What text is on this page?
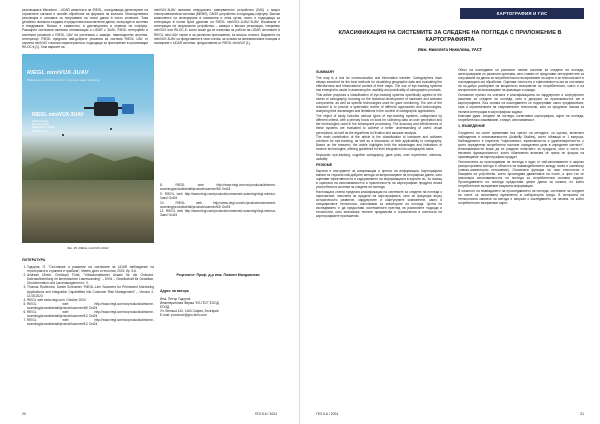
резолюцията Waveform - LiDAR комплекти на RIEGL, осигуряващи детектиране на отразените сигнали и онлайн обработка на формата на вълната. Многоцелевата резолюция е основата за получаване на точни данни в чисто зелената. Това детайлно понякога създава и предоставя изчислителни данни, за вграден в система и внедряване. Всичко е съвместно, а дистанционно в сервизи на софтуер. Разширен системата включва оптимизации и LiDAR с 3UAV, RIEGL интерфейс и системни решения с RIEGL UAV на системата с камери, навигационни системи, интегратор. RIEGL предлага най-добрите решения за системи RIEGL UAV от серията miniVUX с високи характеристики, подходящи за приложение в организации RILOC в [1]. Този вариант на

miniVUX-3UAV включва инерциално измервателно устройство (IMU) с микро електромеханична система (MEMS), GNSS устройство и подходящ софтуер. Всички компоненти са интегрирани в компактна и лека кутия, която е подходяща за интеграция в голям брой дронове на RIEGL miniVUX-1UAV/-3UAV. Възможна е интеграция на опционални устройства – камера с висока резолюция, например miniVUX или RiLOC-E, която може да се използва за работа на LiDAR системите в RIEGL mini-UAV серия и за различни приложения, за висока точност. Варианти на miniVUX-3UAV са представени в тази статия, за основа на кинематичната позиция и сканиране с LiDAR системи, предоставени от RIEGL miniVUX [1].

RIEGL miniVUX-3UAV
Miniaturized LiDAR Sensor for Unmanned Laser Scanning
RIEGL miniVUX-3UAV
LiDAR Sensor
with integrated
MEMS IMU / GNSS
with RiLOC-E
Фиг. 25. RIEGL miniVUX-3UAV
ЛИТЕРАТУРА
1. Тодоров, П. "Състояние и развитие на системите за LiDAR наблюдение на територията в страната и чужбина", Минно дело и геология, 2023, бр. 5-6.
2. Andreas Ullrich, Christoph Fürst, "Vollautomatischer Ansatz für die Onboard-Datenaufbereitung im terrestrischen Laserscanning" – DVW – Gesellschaft für Geodäsie, Geoinformation und Landmanagement e. V.
3. Thomas Rodehorst, Daniel Schroeder "RIEGL-Line Scanners for Permanent Monitoring Applications and Integration Capabilities into Customer Risk Management" – Version 2, 11.08.2023
4. RIEGL web www.riegl.com. October 2024
5. RIEGL web http://www.riegl.com/nc/products/airborne-scanning/produktdetail/product/scanner/48/ Oct24
6. RIEGL web http://www.riegl.com/nc/products/airborne-scanning/produktdetail/product/scanner/61/ Oct24
7. RIEGL web http://www.riegl.com/nc/products/airborne-scanning/produktdetail/product/scanner/61/ Oct24

8. RIEGL web http://www.riegl.com/nc/products/airborne-scanning/produktdetail/product/scanner/38/ Oct24

9. RIEGL web http://www.riegl.com/products/unmanned-scanning/riegl-minivux-3uav/ Oct24

10. RIEGL web http://www.riegl.com/nc/products/unmanned-scanning/produktdetail/product/scanner/63/ Oct24

11. RIEGL web http://www.riegl.com/products/unmanned-scanning/riegl-minivux-3uav/ Oct24

Рецензент: Проф. д-р инж. Пламен Малджански
Адрес на автора
Инж. Петър Тодоров
Инженерингова Фирма "ЕЛ-ГЕО" ЕООД
ЕООД
Ул. Витоша 142, 1164 София, България
E-mail: p.todorov@geo-tech.com
20	ГЕЗ 5-6 / 2024
КАРТОГРАФИЯ И ГИС
КЛАСИФИКАЦИЯ НА СИСТЕМИТЕ ЗА СЛЕДЕНЕ НА ПОГЛЕДА С ПРИЛОЖЕНИЕ В КАРТОГРАФИЯТА
Инж. Николета Николова, УАСГ
SUMMARY

The map is a tool for communication and information transfer. Cartographers have always searched for the best methods for visualizing geographic data and evaluating the effectiveness and informational content of their maps. The use of eye-tracking systems has emerged to assist in assessing the usability and practicality of cartographic products.

This article proposes a classification of eye-tracking systems specifically applied to the needs of cartography, focusing on the historical development of hardware and software components, as well as specific technologies used for gaze monitoring. The aim of the research is to provide a systematic review of different approaches and technologies, analyzing their advantages and limitations in the context of cartographic applications.

The object of study includes various types of eye-tracking systems, categorized by different criteria, with a primary focus on tools for collecting data on user perception and the technologies used in the subsequent processing. The accuracy and effectiveness of these systems are evaluated to achieve a better understanding of users' visual perceptions, as well as the algorithms for fixation and saccade analysis.

The main contribution of the article is the classification of hardware and software solutions for eye-tracking, as well as a discussion of their applicability to cartography. Based on the research, the article highlights both the advantages and limitations of modern technologies, offering guidelines for their integration into cartographic tasks.

Keywords: eye-tracking, cognitive cartography, gaze plots, user experience, stimulus, usability

РЕЗЮМЕ

Картата е инструмент за комуникация и пренос на информация. Картографите винаги са търсили най-добрите методи за визуализиране на географски данни, като оценяват ефективността и съдържанието на информацията в картите си. За помощ в оценката на използваемостта и практичността на картографски продукти влиза употребата на системи за следене на погледа.

Настоящата статия предлага класификация на системите за следене на погледа с приложение, насочена за нуждите на картографията, като се фокусира върху историческото развитие, хардуерните и софтуерните компоненти, както и специфичните технологии, използвани за мониторинг на погледа. Целта на изследването е да предостави систематичен преглед на различните подходи и технологии, като анализира техните предимства и ограничения в контекста на картографските приложения.

Обект на изследване са различни типове системи за следене на погледа, категоризирани по различни критерии, като главен се представят инструментите за получаване на данни за потребителското възприемане на карти и за технологиите в последващата им обработка. Оценява точността и ефективността им за постигане на по-добро разбиране на визуалното възприятие на потребителите, както и на алгоритмите за анализиране на фиксации и сакади.

Основният принос на статията е класификацията на хардуерните и софтуерните решения за следене на погледа, като и дискусия за приложимостта им в картографията. Въз основа на изследването се подчертават както предимствата, така и ограниченията на съвременните технологии, като се предлагат насоки за тяхната интеграция в картографски задачи.

Ключови думи: следене на погледа, когнитивна картография, карти на погледа, потребителско изживяване, стимул, използваемост.

1. ВЪВЕДЕНИЕ

Следенето на очите преминава пък чрезът на методите, са оценка, включено наблюдение и използваемостта (Usability Studies), което обхваща от 1 въпроса. Наблюдението е наречено "ефективност, ефективността и удовлетвореността, с които определени потребители постигат определени цели в определен контекст". Използваемостта може да се раздели понятието за продукта, като и чисто на неговата функционалност, която обикновено включва се преки не фокуса на произведение на картографски продукт.

Технологията за проследяване на погледа е един от най-използваните и широко разпространени методи в областта на взаимодействието между човек и компютър (човеко-компютърно отношение). Основната функция на тази технология е базирана на устройство, което проследява движенията на очите, а чрез тях се анализира използваемостта на погледа за потребителски основни задачи. Проследяването на погледа предоставя ценни данни за начина, по който потребителите възприемат визуална информация.

В началото на въвеждането на проследяването на погледа, системите за следене на очите са използвани единствено в лабораторна среда. В историята на технологията смяната на метода е свързан с изследването на начина, по който потребителите възприемат карти.

ГЕЗ 5-6 / 2024	21
